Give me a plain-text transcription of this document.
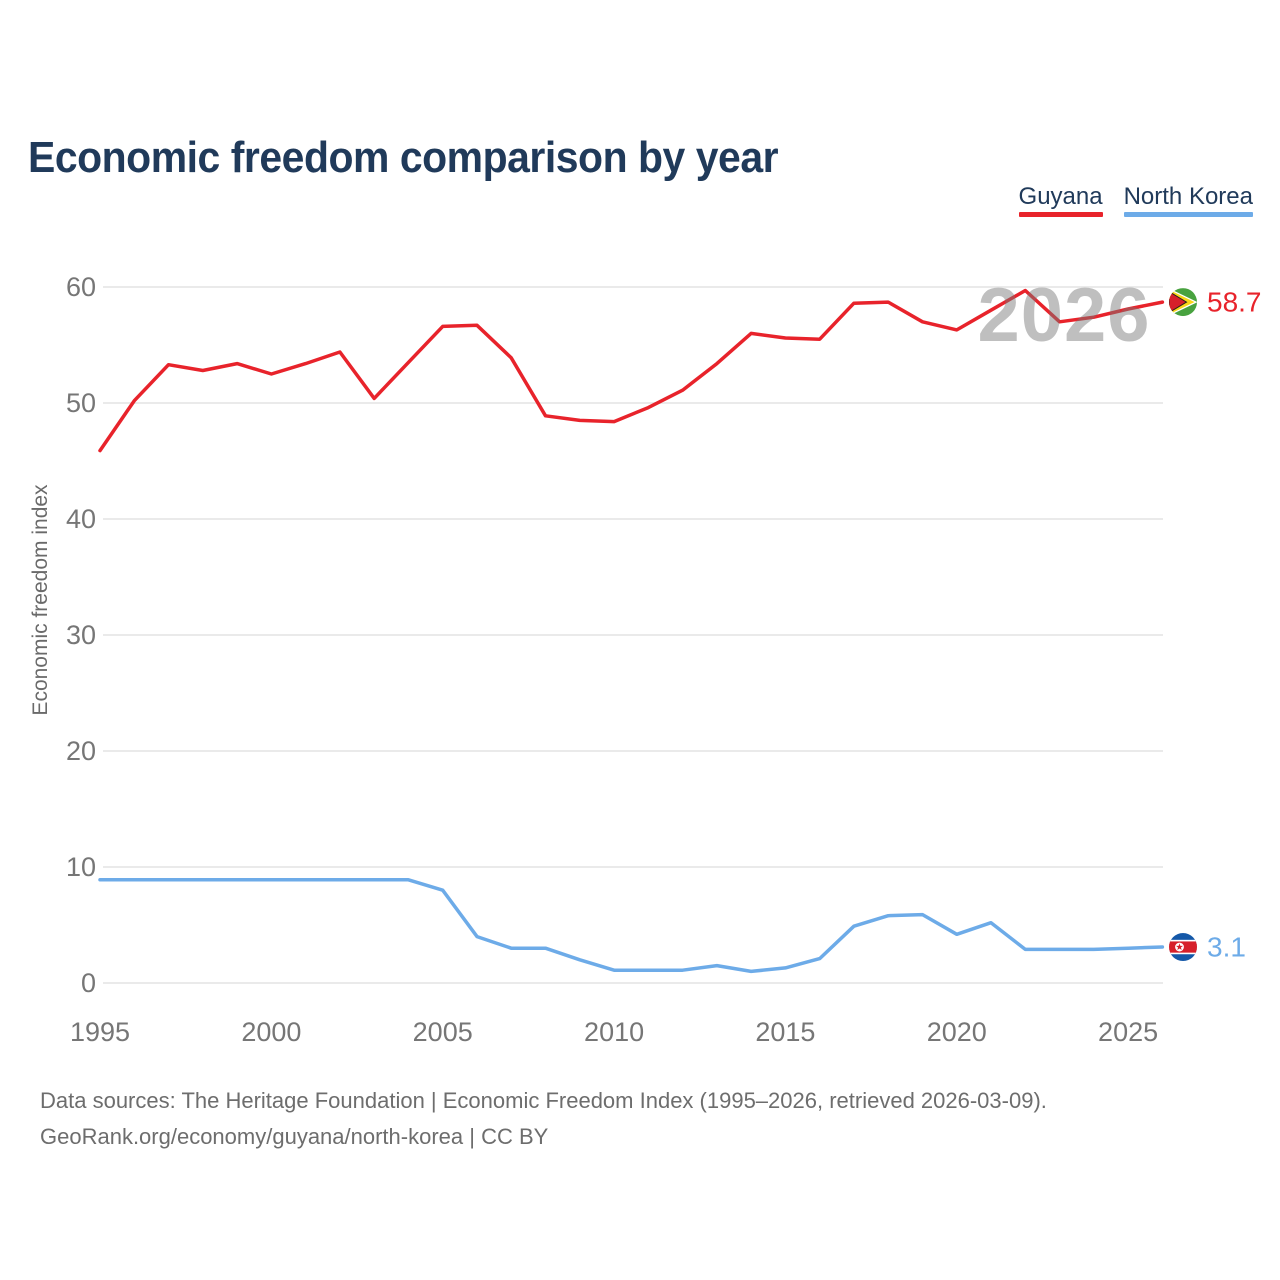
Economic freedom comparison by year
Guyana North Korea
2026 58.7
3.1
0
10
20
30
40
50
60
1995	2000	2005	2010	2015	2020	2025
Economic freedom index
Data sources: The Heritage Foundation | Economic Freedom Index (1995–2026, retrieved 2026-03-09).
GeoRank.org/economy/guyana/north-korea | CC BY
